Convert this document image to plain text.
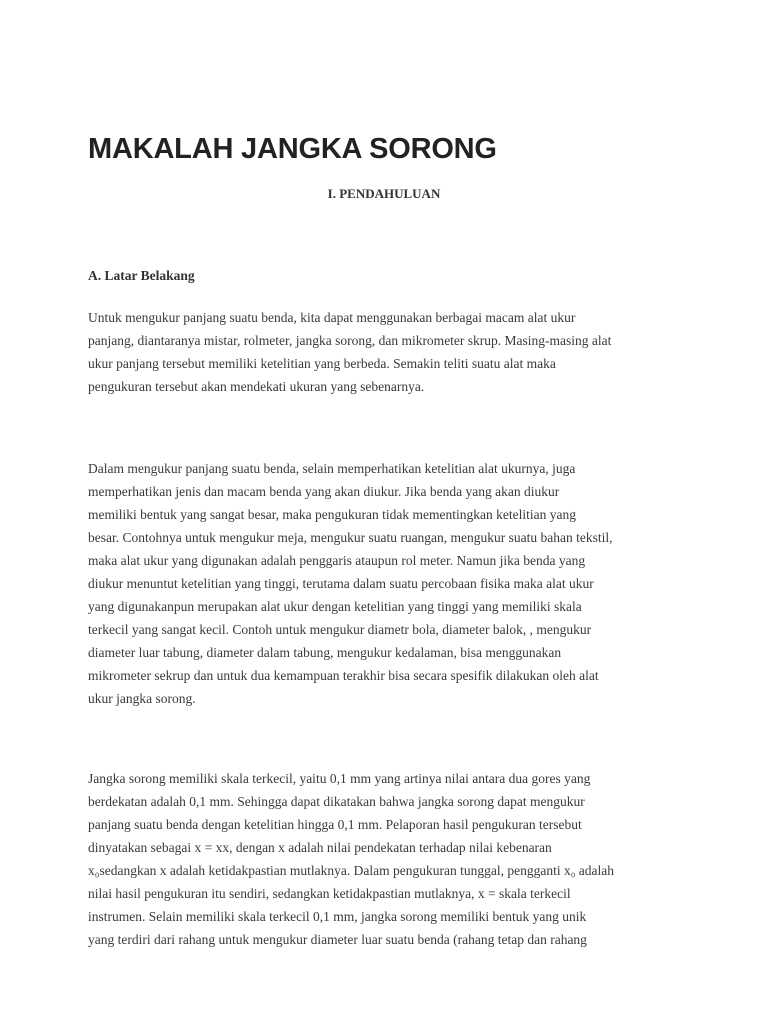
MAKALAH JANGKA SORONG
I. PENDAHULUAN
A. Latar Belakang

Untuk mengukur panjang suatu benda, kita dapat menggunakan berbagai macam alat ukur
panjang, diantaranya mistar, rolmeter, jangka sorong, dan mikrometer skrup. Masing-masing alat
ukur panjang tersebut memiliki ketelitian yang berbeda. Semakin teliti suatu alat maka
pengukuran tersebut akan mendekati ukuran yang sebenarnya.

Dalam mengukur panjang suatu benda, selain memperhatikan ketelitian alat ukurnya, juga
memperhatikan jenis dan macam benda yang akan diukur. Jika benda yang akan diukur
memiliki bentuk yang sangat besar, maka pengukuran tidak mementingkan ketelitian yang
besar. Contohnya untuk mengukur meja, mengukur suatu ruangan, mengukur suatu bahan tekstil,
maka alat ukur yang digunakan adalah penggaris ataupun rol meter. Namun jika benda yang
diukur menuntut ketelitian yang tinggi, terutama dalam suatu percobaan fisika maka alat ukur
yang digunakanpun merupakan alat ukur dengan ketelitian yang tinggi yang memiliki skala
terkecil yang sangat kecil. Contoh untuk mengukur diametr bola, diameter balok, , mengukur
diameter luar tabung, diameter dalam tabung, mengukur kedalaman, bisa menggunakan
mikrometer sekrup dan untuk dua kemampuan terakhir bisa secara spesifik dilakukan oleh alat
ukur jangka sorong.

Jangka sorong memiliki skala terkecil, yaitu 0,1 mm yang artinya nilai antara dua gores yang
berdekatan adalah 0,1 mm. Sehingga dapat dikatakan bahwa jangka sorong dapat mengukur
panjang suatu benda dengan ketelitian hingga 0,1 mm. Pelaporan hasil pengukuran tersebut
dinyatakan sebagai x = xx, dengan x adalah nilai pendekatan terhadap nilai kebenaran
x₀sedangkan x adalah ketidakpastian mutlaknya. Dalam pengukuran tunggal, pengganti x₀ adalah
nilai hasil pengukuran itu sendiri, sedangkan ketidakpastian mutlaknya, x = skala terkecil
instrumen. Selain memiliki skala terkecil 0,1 mm, jangka sorong memiliki bentuk yang unik
yang terdiri dari rahang untuk mengukur diameter luar suatu benda (rahang tetap dan rahang
